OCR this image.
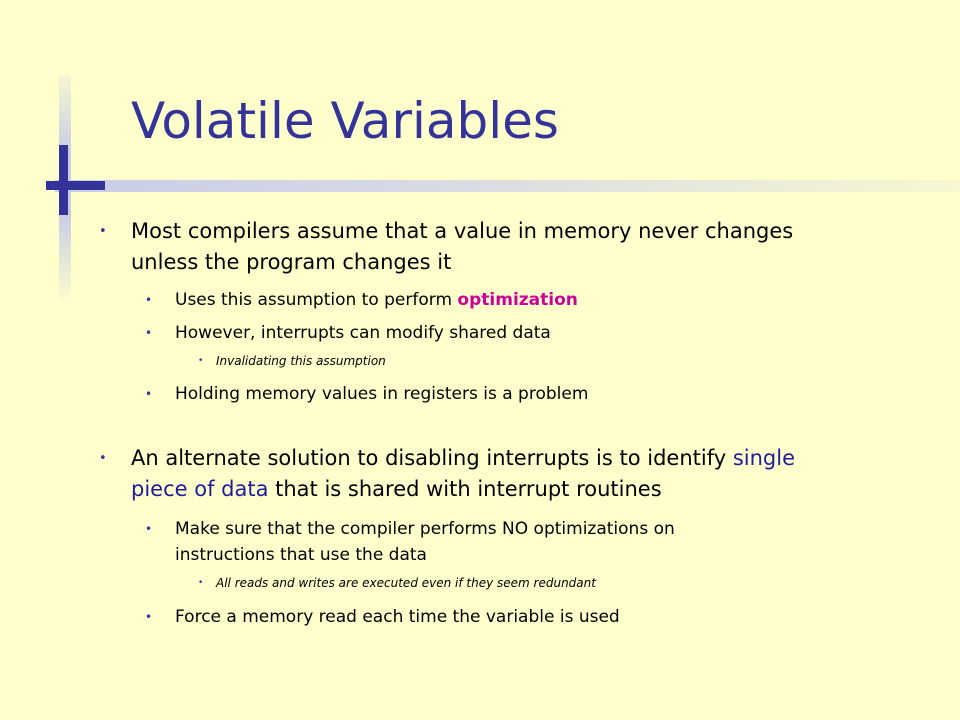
Volatile Variables
• Most compilers assume that a value in memory never changes
unless the program changes it
• Uses this assumption to perform optimization
• However, interrupts can modify shared data
• Invalidating this assumption
• Holding memory values in registers is a problem
• An alternate solution to disabling interrupts is to identify single
piece of data that is shared with interrupt routines
• Make sure that the compiler performs NO optimizations on
instructions that use the data
• All reads and writes are executed even if they seem redundant
• Force a memory read each time the variable is used
